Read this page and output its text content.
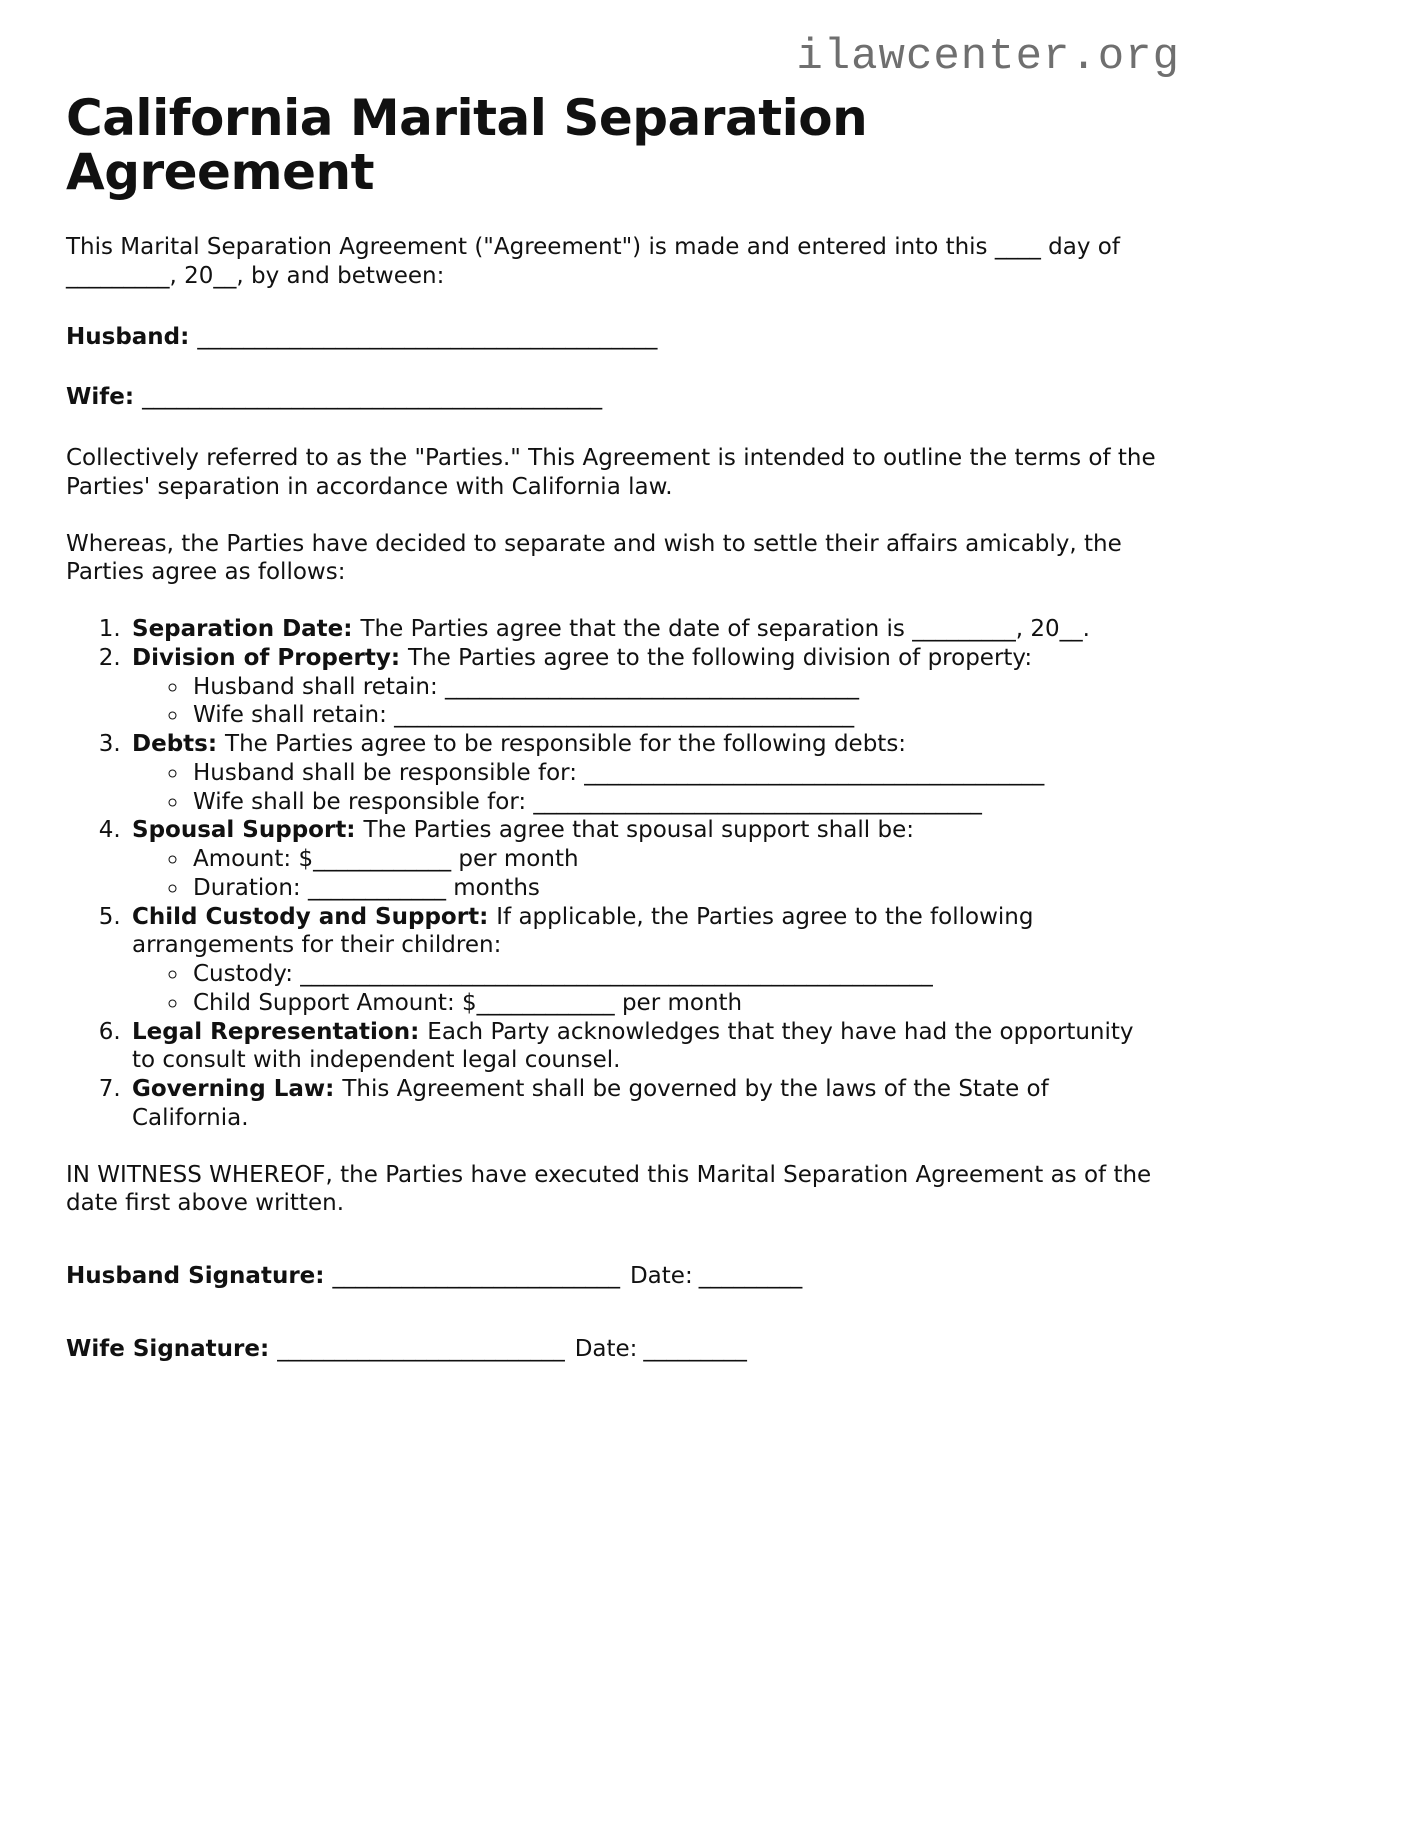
ilawcenter.org
California Marital Separation Agreement

This Marital Separation Agreement ("Agreement") is made and entered into this ____ day of _________, 20__, by and between:

Husband: ________________________________________

Wife: ________________________________________

Collectively referred to as the "Parties." This Agreement is intended to outline the terms of the Parties' separation in accordance with California law.

Whereas, the Parties have decided to separate and wish to settle their affairs amicably, the Parties agree as follows:

1. Separation Date: The Parties agree that the date of separation is _________, 20__.
2. Division of Property: The Parties agree to the following division of property:
◦ Husband shall retain: ____________________________________
◦ Wife shall retain: ________________________________________
3. Debts: The Parties agree to be responsible for the following debts:
◦ Husband shall be responsible for: ________________________________________
◦ Wife shall be responsible for: _______________________________________
4. Spousal Support: The Parties agree that spousal support shall be:
◦ Amount: $____________ per month
◦ Duration: ____________ months
5. Child Custody and Support: If applicable, the Parties agree to the following arrangements for their children:
◦ Custody: _______________________________________________________
◦ Child Support Amount: $____________ per month
6. Legal Representation: Each Party acknowledges that they have had the opportunity to consult with independent legal counsel.
7. Governing Law: This Agreement shall be governed by the laws of the State of California.

IN WITNESS WHEREOF, the Parties have executed this Marital Separation Agreement as of the date first above written.

Husband Signature: _________________________ Date: _________

Wife Signature: _________________________ Date: _________
